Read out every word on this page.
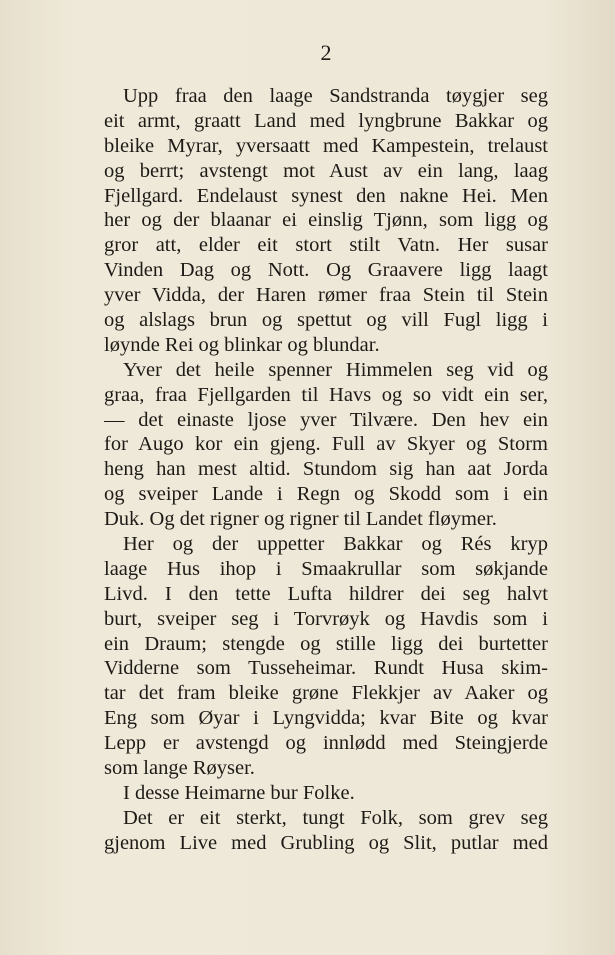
2
Upp fraa den laage Sandstranda tøygjer seg
eit armt, graatt Land med lyngbrune Bakkar og
bleike Myrar, yversaatt med Kampestein, trelaust
og berrt; avstengt mot Aust av ein lang, laag
Fjellgard. Endelaust synest den nakne Hei. Men
her og der blaanar ei einslig Tjønn, som ligg og
gror att, elder eit stort stilt Vatn. Her susar
Vinden Dag og Nott. Og Graavere ligg laagt
yver Vidda, der Haren rømer fraa Stein til Stein
og alslags brun og spettut og vill Fugl ligg i
løynde Rei og blinkar og blundar.
Yver det heile spenner Himmelen seg vid og
graa, fraa Fjellgarden til Havs og so vidt ein ser,
— det einaste ljose yver Tilvære. Den hev ein
for Augo kor ein gjeng. Full av Skyer og Storm
heng han mest altid. Stundom sig han aat Jorda
og sveiper Lande i Regn og Skodd som i ein
Duk. Og det rigner og rigner til Landet fløymer.
Her og der uppetter Bakkar og Rés kryp
laage Hus ihop i Smaakrullar som søkjande
Livd. I den tette Lufta hildrer dei seg halvt
burt, sveiper seg i Torvrøyk og Havdis som i
ein Draum; stengde og stille ligg dei burtetter
Vidderne som Tusseheimar. Rundt Husa skim-
tar det fram bleike grøne Flekkjer av Aaker og
Eng som Øyar i Lyngvidda; kvar Bite og kvar
Lepp er avstengd og innlødd med Steingjerde
som lange Røyser.
I desse Heimarne bur Folke.
Det er eit sterkt, tungt Folk, som grev seg
gjenom Live med Grubling og Slit, putlar med
